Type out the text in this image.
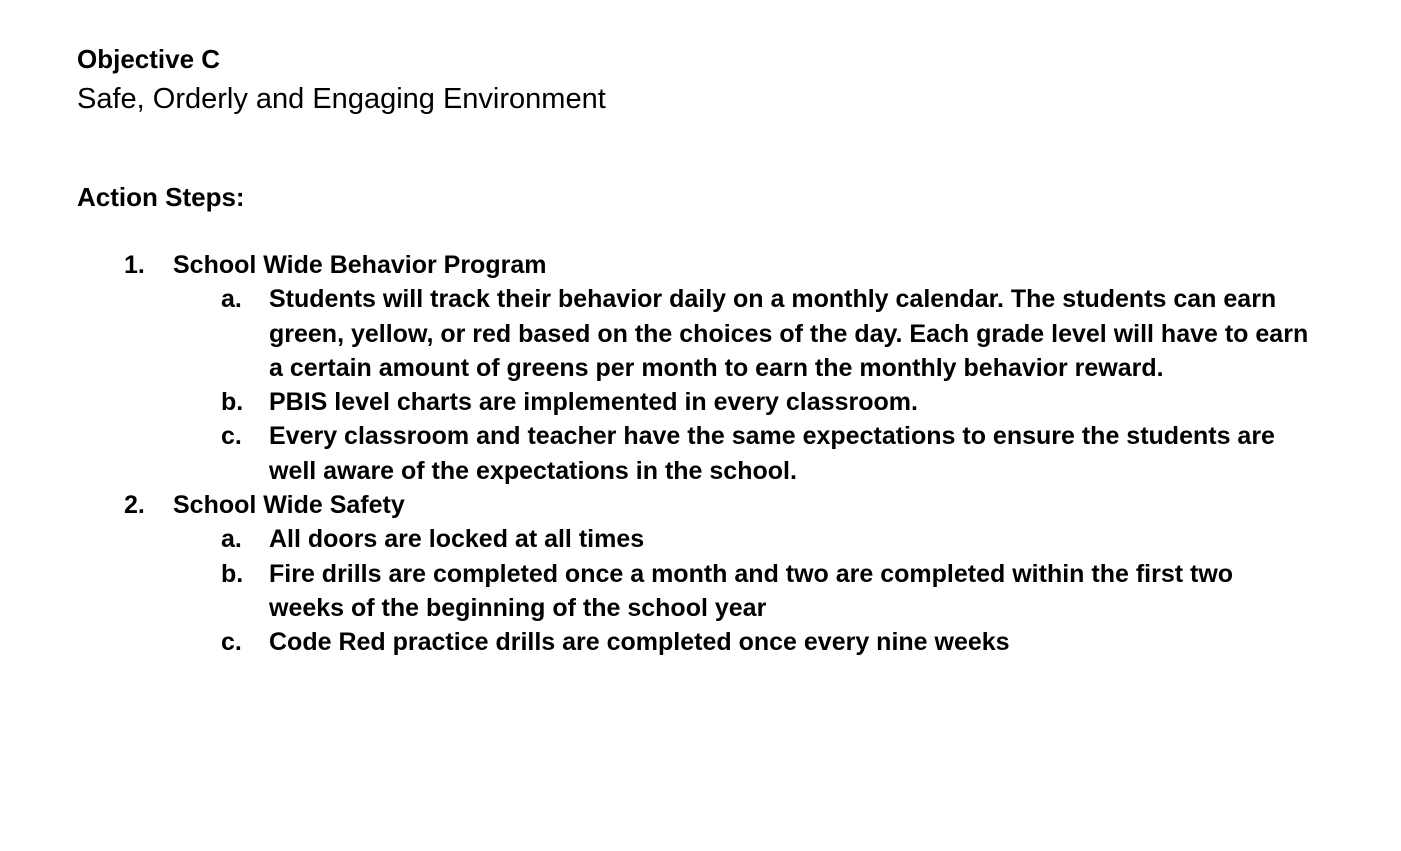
Objective C
Safe, Orderly and Engaging Environment
Action Steps:
1. School Wide Behavior Program
a. Students will track their behavior daily on a monthly calendar. The students can earn green, yellow, or red based on the choices of the day. Each grade level will have to earn a certain amount of greens per month to earn the monthly behavior reward.
b. PBIS level charts are implemented in every classroom.
c. Every classroom and teacher have the same expectations to ensure the students are well aware of the expectations in the school.
2. School Wide Safety
a. All doors are locked at all times
b. Fire drills are completed once a month and two are completed within the first two weeks of the beginning of the school year
c. Code Red practice drills are completed once every nine weeks
